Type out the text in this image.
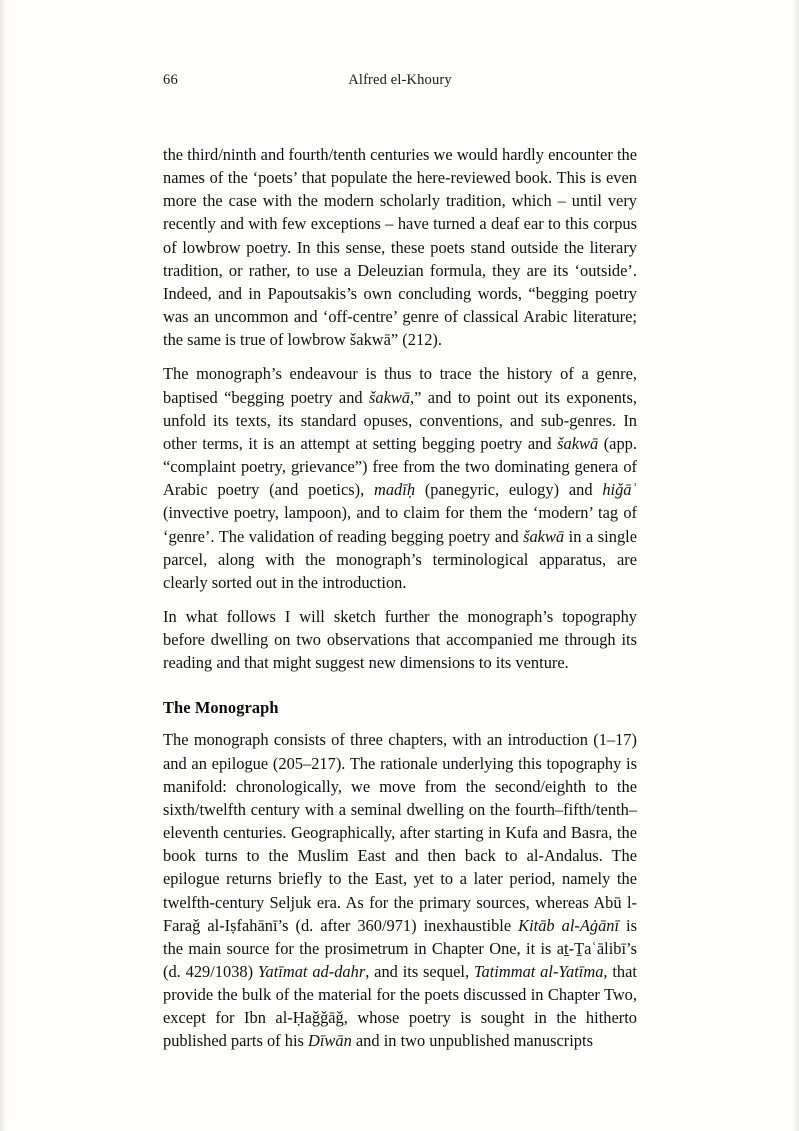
66	Alfred el-Khoury

the third/ninth and fourth/tenth centuries we would hardly encounter the names of the ‘poets’ that populate the here-reviewed book. This is even more the case with the modern scholarly tradition, which – until very recently and with few exceptions – have turned a deaf ear to this corpus of lowbrow poetry. In this sense, these poets stand outside the literary tradition, or rather, to use a Deleuzian formula, they are its ‘outside’. Indeed, and in Papoutsakis’s own concluding words, “begging poetry was an uncommon and ‘off-centre’ genre of classical Arabic literature; the same is true of lowbrow šakwā” (212).

The monograph’s endeavour is thus to trace the history of a genre, baptised “begging poetry and šakwā,” and to point out its exponents, unfold its texts, its standard opuses, conventions, and sub-genres. In other terms, it is an attempt at setting begging poetry and šakwā (app. “complaint poetry, grievance”) free from the two dominating genera of Arabic poetry (and poetics), madīḥ (panegyric, eulogy) and hiǧāʾ (invective poetry, lampoon), and to claim for them the ‘modern’ tag of ‘genre’. The validation of reading begging poetry and šakwā in a single parcel, along with the monograph’s terminological apparatus, are clearly sorted out in the introduction.

In what follows I will sketch further the monograph’s topography before dwelling on two observations that accompanied me through its reading and that might suggest new dimensions to its venture.

The Monograph

The monograph consists of three chapters, with an introduction (1–17) and an epilogue (205–217). The rationale underlying this topography is manifold: chronologically, we move from the second/eighth to the sixth/twelfth century with a seminal dwelling on the fourth–fifth/tenth–eleventh centuries. Geographically, after starting in Kufa and Basra, the book turns to the Muslim East and then back to al-Andalus. The epilogue returns briefly to the East, yet to a later period, namely the twelfth-century Seljuk era. As for the primary sources, whereas Abū l-Faraǧ al-Iṣfahānī’s (d. after 360/971) inexhaustible Kitāb al-Aġānī is the main source for the prosimetrum in Chapter One, it is aṯ-Ṯaʿālibī’s (d. 429/1038) Yatīmat ad-dahr, and its sequel, Tatimmat al-Yatīma, that provide the bulk of the material for the poets discussed in Chapter Two, except for Ibn al-Ḥaǧǧāǧ, whose poetry is sought in the hitherto published parts of his Dīwān and in two unpublished manuscripts
